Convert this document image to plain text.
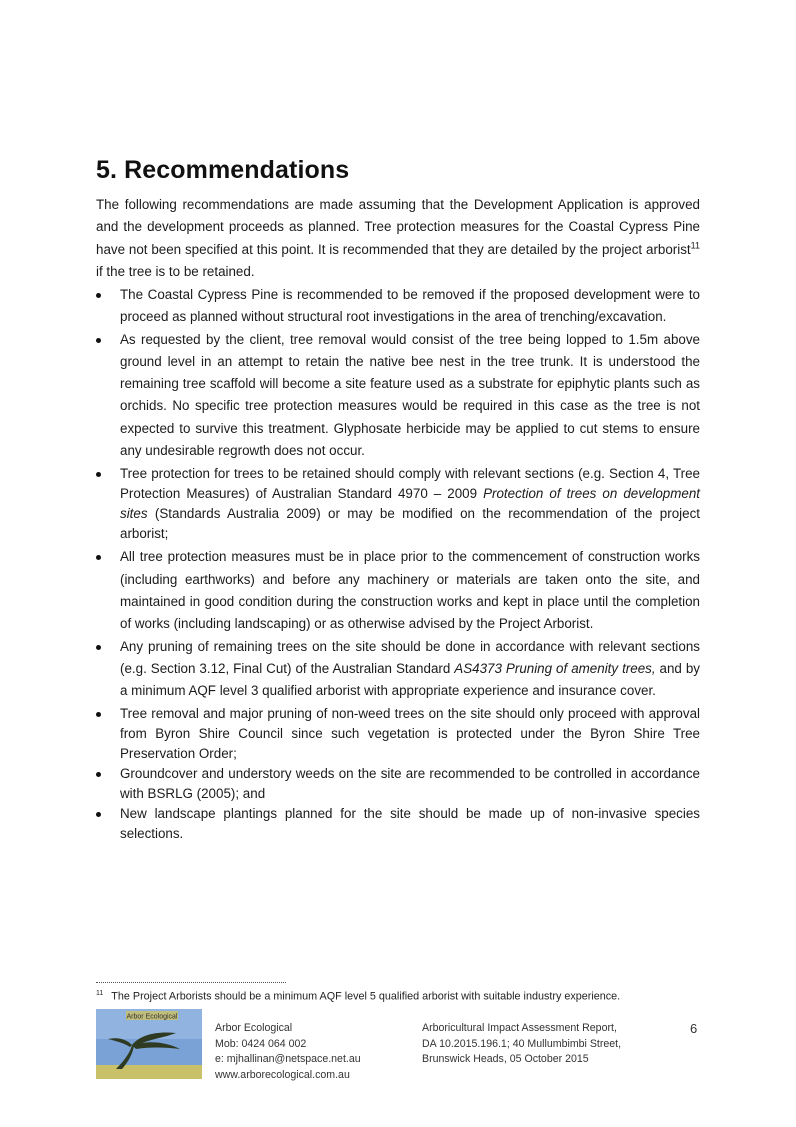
5. Recommendations

The following recommendations are made assuming that the Development Application is approved and the development proceeds as planned. Tree protection measures for the Coastal Cypress Pine have not been specified at this point. It is recommended that they are detailed by the project arborist$^{11}$ if the tree is to be retained.

The Coastal Cypress Pine is recommended to be removed if the proposed development were to proceed as planned without structural root investigations in the area of trenching/excavation.
As requested by the client, tree removal would consist of the tree being lopped to 1.5m above ground level in an attempt to retain the native bee nest in the tree trunk. It is understood the remaining tree scaffold will become a site feature used as a substrate for epiphytic plants such as orchids. No specific tree protection measures would be required in this case as the tree is not expected to survive this treatment. Glyphosate herbicide may be applied to cut stems to ensure any undesirable regrowth does not occur.
Tree protection for trees to be retained should comply with relevant sections (e.g. Section 4, Tree Protection Measures) of Australian Standard 4970 – 2009 Protection of trees on development sites (Standards Australia 2009) or may be modified on the recommendation of the project arborist;
All tree protection measures must be in place prior to the commencement of construction works (including earthworks) and before any machinery or materials are taken onto the site, and maintained in good condition during the construction works and kept in place until the completion of works (including landscaping) or as otherwise advised by the Project Arborist.
Any pruning of remaining trees on the site should be done in accordance with relevant sections (e.g. Section 3.12, Final Cut) of the Australian Standard AS4373 Pruning of amenity trees, and by a minimum AQF level 3 qualified arborist with appropriate experience and insurance cover.
Tree removal and major pruning of non-weed trees on the site should only proceed with approval from Byron Shire Council since such vegetation is protected under the Byron Shire Tree Preservation Order;
Groundcover and understory weeds on the site are recommended to be controlled in accordance with BSRLG (2005); and
New landscape plantings planned for the site should be made up of non-invasive species selections.
$^{11}$ The Project Arborists should be a minimum AQF level 5 qualified arborist with suitable industry experience.
Arbor Ecological
Arbor Ecological
Mob: 0424 064 002
e: mjhallinan@netspace.net.au
www.arborecological.com.au
Arboricultural Impact Assessment Report,
DA 10.2015.196.1; 40 Mullumbimbi Street,
Brunswick Heads, 05 October 2015
6
